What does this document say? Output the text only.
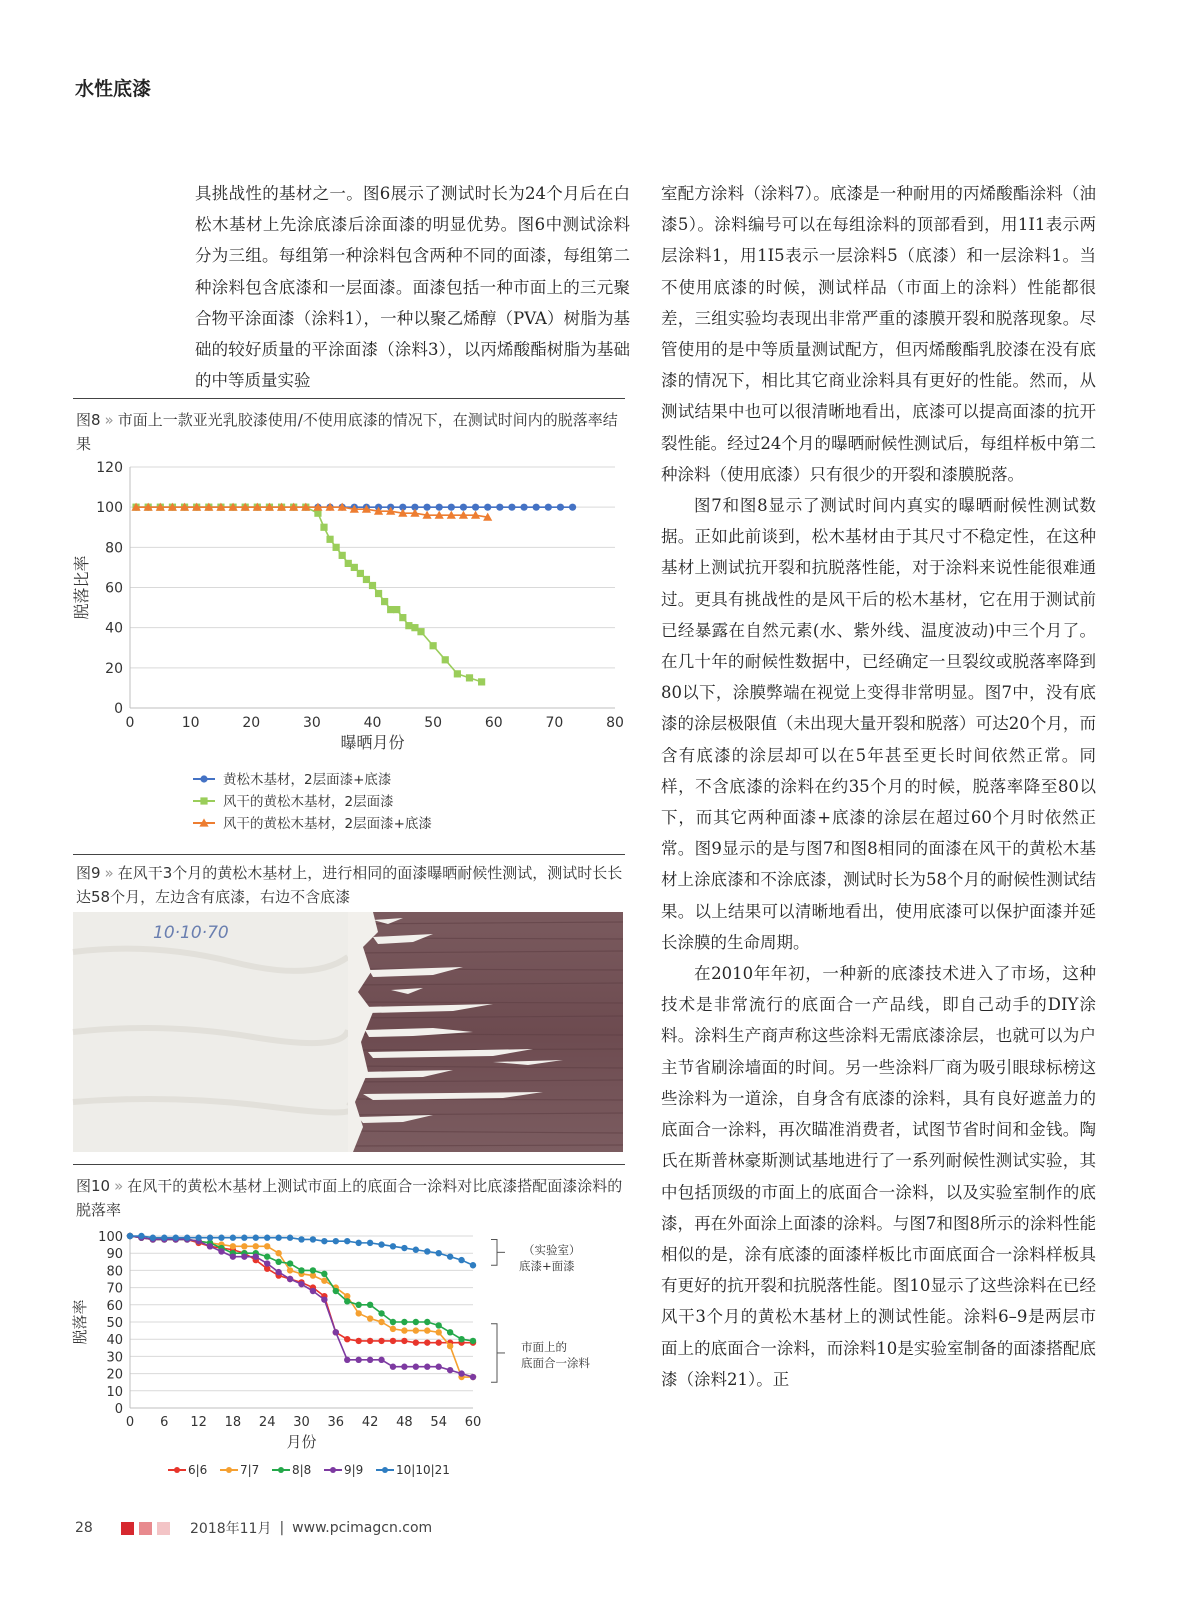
水性底漆

具挑战性的基材之一。图6展示了测试时长为24个月后在白松木基材上先涂底漆后涂面漆的明显优势。图6中测试涂料分为三组。每组第一种涂料包含两种不同的面漆，每组第二种涂料包含底漆和一层面漆。面漆包括一种市面上的三元聚合物平涂面漆（涂料1），一种以聚乙烯醇（PVA）树脂为基础的较好质量的平涂面漆（涂料3），以丙烯酸酯树脂为基础的中等质量实验

室配方涂料（涂料7）。底漆是一种耐用的丙烯酸酯涂料（油漆5）。涂料编号可以在每组涂料的顶部看到，用1I1表示两层涂料1，用1I5表示一层涂料5（底漆）和一层涂料1。当不使用底漆的时候，测试样品（市面上的涂料）性能都很差，三组实验均表现出非常严重的漆膜开裂和脱落现象。尽管使用的是中等质量测试配方，但丙烯酸酯乳胶漆在没有底漆的情况下，相比其它商业涂料具有更好的性能。然而，从测试结果中也可以很清晰地看出，底漆可以提高面漆的抗开裂性能。经过24个月的曝晒耐候性测试后，每组样板中第二种涂料（使用底漆）只有很少的开裂和漆膜脱落。

图7和图8显示了测试时间内真实的曝晒耐候性测试数据。正如此前谈到，松木基材由于其尺寸不稳定性，在这种基材上测试抗开裂和抗脱落性能，对于涂料来说性能很难通过。更具有挑战性的是风干后的松木基材，它在用于测试前已经暴露在自然元素(水、紫外线、温度波动)中三个月了。在几十年的耐候性数据中，已经确定一旦裂纹或脱落率降到80以下，涂膜弊端在视觉上变得非常明显。图7中，没有底漆的涂层极限值（未出现大量开裂和脱落）可达20个月，而含有底漆的涂层却可以在5年甚至更长时间依然正常。同样，不含底漆的涂料在约35个月的时候，脱落率降至80以下，而其它两种面漆+底漆的涂层在超过60个月时依然正常。图9显示的是与图7和图8相同的面漆在风干的黄松木基材上涂底漆和不涂底漆，测试时长为58个月的耐候性测试结果。以上结果可以清晰地看出，使用底漆可以保护面漆并延长涂膜的生命周期。

在2010年年初，一种新的底漆技术进入了市场，这种技术是非常流行的底面合一产品线，即自己动手的DIY涂料。涂料生产商声称这些涂料无需底漆涂层，也就可以为户主节省刷涂墙面的时间。另一些涂料厂商为吸引眼球标榜这些涂料为一道涂，自身含有底漆的涂料，具有良好遮盖力的底面合一涂料，再次瞄准消费者，试图节省时间和金钱。陶氏在斯普林豪斯测试基地进行了一系列耐候性测试实验，其中包括顶级的市面上的底面合一涂料，以及实验室制作的底漆，再在外面涂上面漆的涂料。与图7和图8所示的涂料性能相似的是，涂有底漆的面漆样板比市面底面合一涂料样板具有更好的抗开裂和抗脱落性能。图10显示了这些涂料在已经风干3个月的黄松木基材上的测试性能。涂料6–9是两层市面上的底面合一涂料，而涂料10是实验室制备的面漆搭配底漆（涂料21）。正

图8 » 市面上一款亚光乳胶漆使用/不使用底漆的情况下，在测试时间内的脱落率结果
0
20
40
60
80
100
120
0	10	20	30	40	50	60	70	80
曝晒月份
脱落比率
黄松木基材，2层面漆+底漆
风干的黄松木基材，2层面漆
风干的黄松木基材，2层面漆+底漆
图9 » 在风干3个月的黄松木基材上，进行相同的面漆曝晒耐候性测试，测试时长长达58个月，左边含有底漆，右边不含底漆
10·10·70
图10 » 在风干的黄松木基材上测试市面上的底面合一涂料对比底漆搭配面漆涂料的脱落率
0
10
20
30
40
50
60
70
80
90
100
0 6 12 18 24 30 36 42 48 54 60
月份
脱落率
（实验室）
底漆+面漆
市面上的
底面合一涂料
6|6	7|7	8|8	9|9	10|10|21
28	2018年11月 | www.pcimagcn.com
